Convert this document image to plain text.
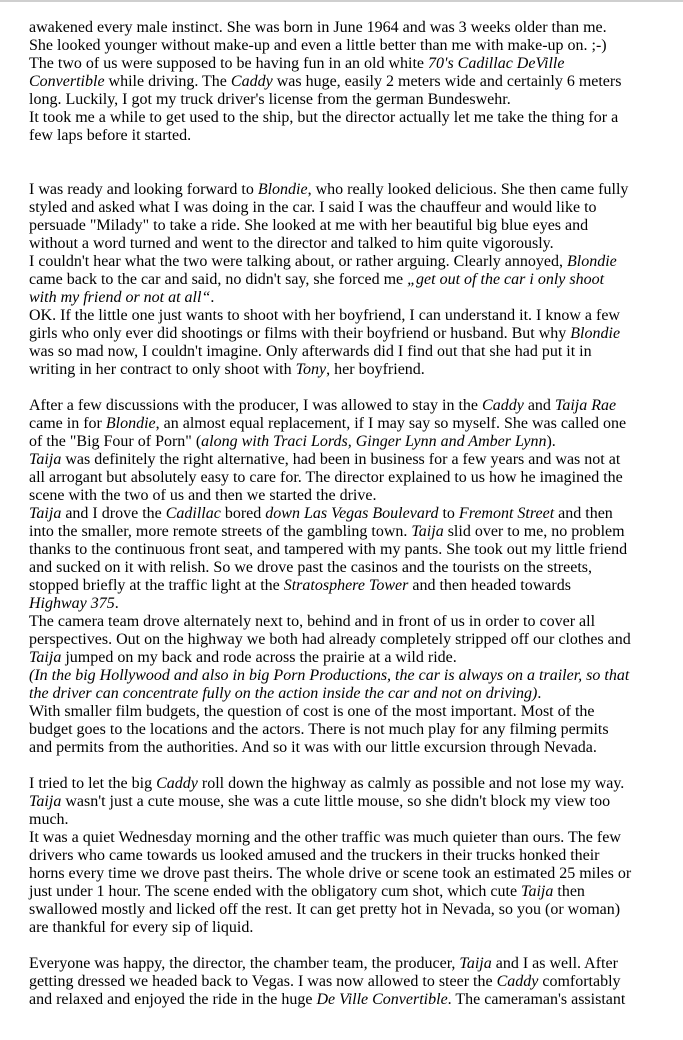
awakened every male instinct. She was born in June 1964 and was 3 weeks older than me.
She looked younger without make-up and even a little better than me with make-up on. ;-)
The two of us were supposed to be having fun in an old white 70's Cadillac DeVille
Convertible while driving. The Caddy was huge, easily 2 meters wide and certainly 6 meters
long. Luckily, I got my truck driver's license from the german Bundeswehr.
It took me a while to get used to the ship, but the director actually let me take the thing for a
few laps before it started.

I was ready and looking forward to Blondie, who really looked delicious. She then came fully
styled and asked what I was doing in the car. I said I was the chauffeur and would like to
persuade "Milady" to take a ride. She looked at me with her beautiful big blue eyes and
without a word turned and went to the director and talked to him quite vigorously.
I couldn't hear what the two were talking about, or rather arguing. Clearly annoyed, Blondie
came back to the car and said, no didn't say, she forced me „get out of the car i only shoot
with my friend or not at all“.
OK. If the little one just wants to shoot with her boyfriend, I can understand it. I know a few
girls who only ever did shootings or films with their boyfriend or husband. But why Blondie
was so mad now, I couldn't imagine. Only afterwards did I find out that she had put it in
writing in her contract to only shoot with Tony, her boyfriend.

After a few discussions with the producer, I was allowed to stay in the Caddy and Taija Rae
came in for Blondie, an almost equal replacement, if I may say so myself. She was called one
of the "Big Four of Porn" (along with Traci Lords, Ginger Lynn and Amber Lynn).
Taija was definitely the right alternative, had been in business for a few years and was not at
all arrogant but absolutely easy to care for. The director explained to us how he imagined the
scene with the two of us and then we started the drive.
Taija and I drove the Cadillac bored down Las Vegas Boulevard to Fremont Street and then
into the smaller, more remote streets of the gambling town. Taija slid over to me, no problem
thanks to the continuous front seat, and tampered with my pants. She took out my little friend
and sucked on it with relish. So we drove past the casinos and the tourists on the streets,
stopped briefly at the traffic light at the Stratosphere Tower and then headed towards
Highway 375.
The camera team drove alternately next to, behind and in front of us in order to cover all
perspectives. Out on the highway we both had already completely stripped off our clothes and
Taija jumped on my back and rode across the prairie at a wild ride.
(In the big Hollywood and also in big Porn Productions, the car is always on a trailer, so that
the driver can concentrate fully on the action inside the car and not on driving).
With smaller film budgets, the question of cost is one of the most important. Most of the
budget goes to the locations and the actors. There is not much play for any filming permits
and permits from the authorities. And so it was with our little excursion through Nevada.

I tried to let the big Caddy roll down the highway as calmly as possible and not lose my way.
Taija wasn't just a cute mouse, she was a cute little mouse, so she didn't block my view too
much.
It was a quiet Wednesday morning and the other traffic was much quieter than ours. The few
drivers who came towards us looked amused and the truckers in their trucks honked their
horns every time we drove past theirs. The whole drive or scene took an estimated 25 miles or
just under 1 hour. The scene ended with the obligatory cum shot, which cute Taija then
swallowed mostly and licked off the rest. It can get pretty hot in Nevada, so you (or woman)
are thankful for every sip of liquid.

Everyone was happy, the director, the chamber team, the producer, Taija and I as well. After
getting dressed we headed back to Vegas. I was now allowed to steer the Caddy comfortably
and relaxed and enjoyed the ride in the huge De Ville Convertible. The cameraman's assistant
